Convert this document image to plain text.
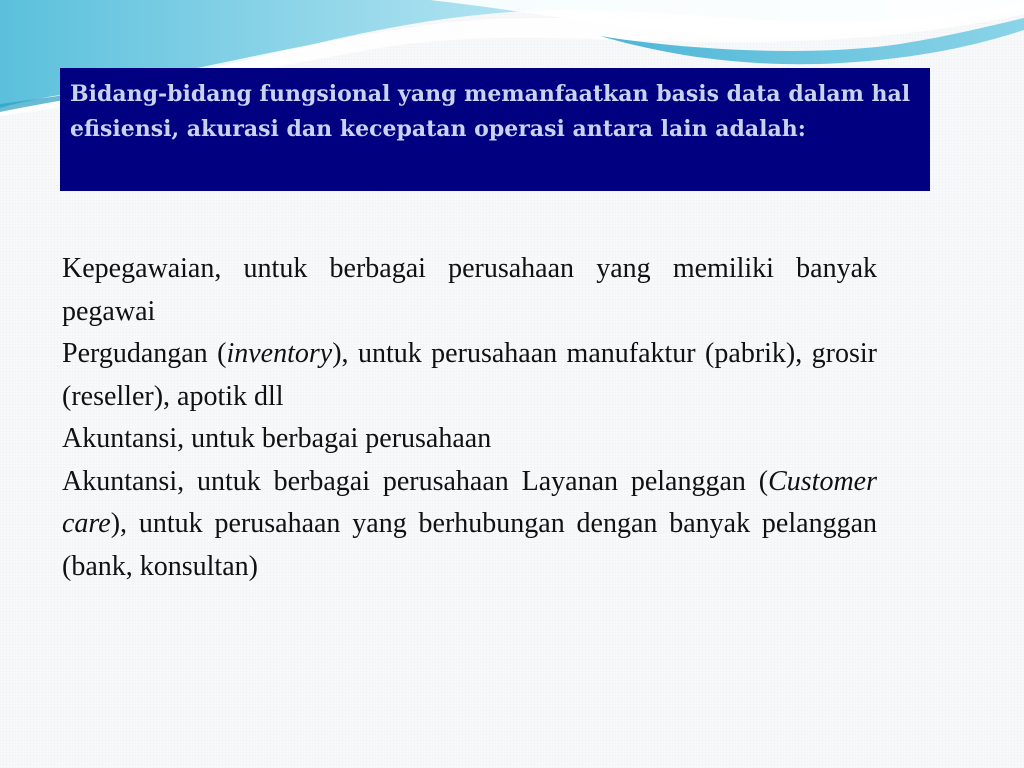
Bidang-bidang fungsional yang memanfaatkan basis data dalam hal efisiensi, akurasi dan kecepatan operasi antara lain adalah:

Kepegawaian, untuk berbagai perusahaan yang memiliki banyak pegawai

Pergudangan (inventory), untuk perusahaan manufaktur (pabrik), grosir (reseller), apotik dll

Akuntansi, untuk berbagai perusahaan

Akuntansi, untuk berbagai perusahaan Layanan pelanggan (Customer care), untuk perusahaan yang berhubungan dengan banyak pelanggan (bank, konsultan)
